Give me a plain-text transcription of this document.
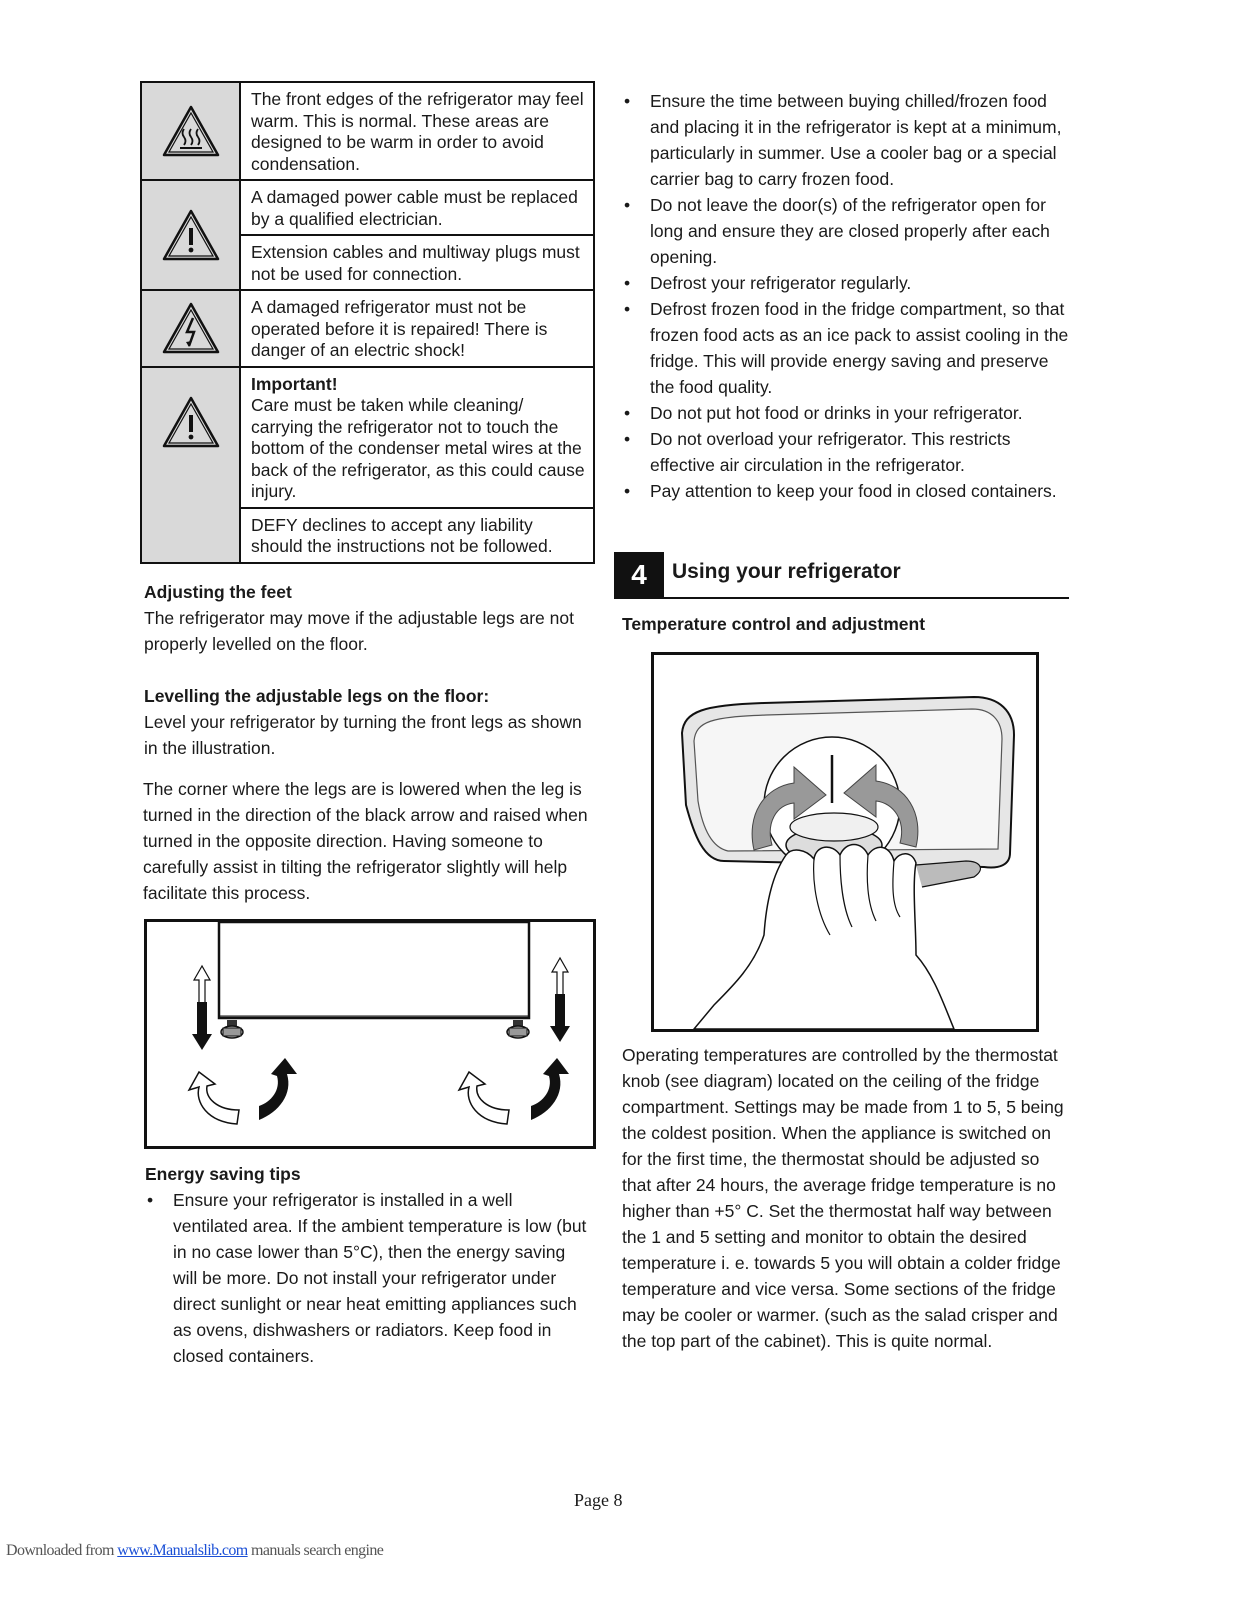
	The front edges of the refrigerator may feel warm. This is normal. These areas are designed to be warm in order to avoid condensation.

	A damaged power cable must be replaced by a qualified electrician.
	Extension cables and multiway plugs must not be used for connection.

	A damaged refrigerator must not be operated before it is repaired! There is danger of an electric shock!

Important!
Care must be taken while cleaning/ carrying the refrigerator not to touch the bottom of the condenser metal wires at the back of the refrigerator, as this could cause injury.

	DEFY declines to accept any liability should the instructions not be followed.
Adjusting the feet
The refrigerator may move if the adjustable legs are not properly levelled on the floor.
Levelling the adjustable legs on the floor:
Level your refrigerator by turning the front legs as shown in the illustration.
The corner where the legs are is lowered when the leg is turned in the direction of the black arrow and raised when turned in the opposite direction. Having someone to carefully assist in tilting the refrigerator slightly will help facilitate this process.
Energy saving tips
• Ensure your refrigerator is installed in a well ventilated area. If the ambient temperature is low (but in no case lower than 5°C), then the energy saving will be more. Do not install your refrigerator under direct sunlight or near heat emitting appliances such as ovens, dishwashers or radiators. Keep food in closed containers.
• Ensure the time between buying chilled/frozen food and placing it in the refrigerator is kept at a minimum, particularly in summer. Use a cooler bag or a special carrier bag to carry frozen food.
• Do not leave the door(s) of the refrigerator open for long and ensure they are closed properly after each opening.
• Defrost your refrigerator regularly.
• Defrost frozen food in the fridge compartment, so that frozen food acts as an ice pack to assist cooling in the fridge. This will provide energy saving and preserve the food quality.
• Do not put hot food or drinks in your refrigerator.
• Do not overload your refrigerator. This restricts effective air circulation in the refrigerator.
• Pay attention to keep your food in closed containers.
4	Using your refrigerator
Temperature control and adjustment
Operating temperatures are controlled by the thermostat knob (see diagram) located on the ceiling of the fridge compartment. Settings may be made from 1 to 5, 5 being the coldest position. When the appliance is switched on for the first time, the thermostat should be adjusted so that after 24 hours, the average fridge temperature is no higher than +5° C. Set the thermostat half way between the 1 and 5 setting and monitor to obtain the desired temperature i. e. towards 5 you will obtain a colder fridge temperature and vice versa. Some sections of the fridge may be cooler or warmer. (such as the salad crisper and the top part of the cabinet). This is quite normal.
Page 8
Downloaded from www.Manualslib.com manuals search engine
